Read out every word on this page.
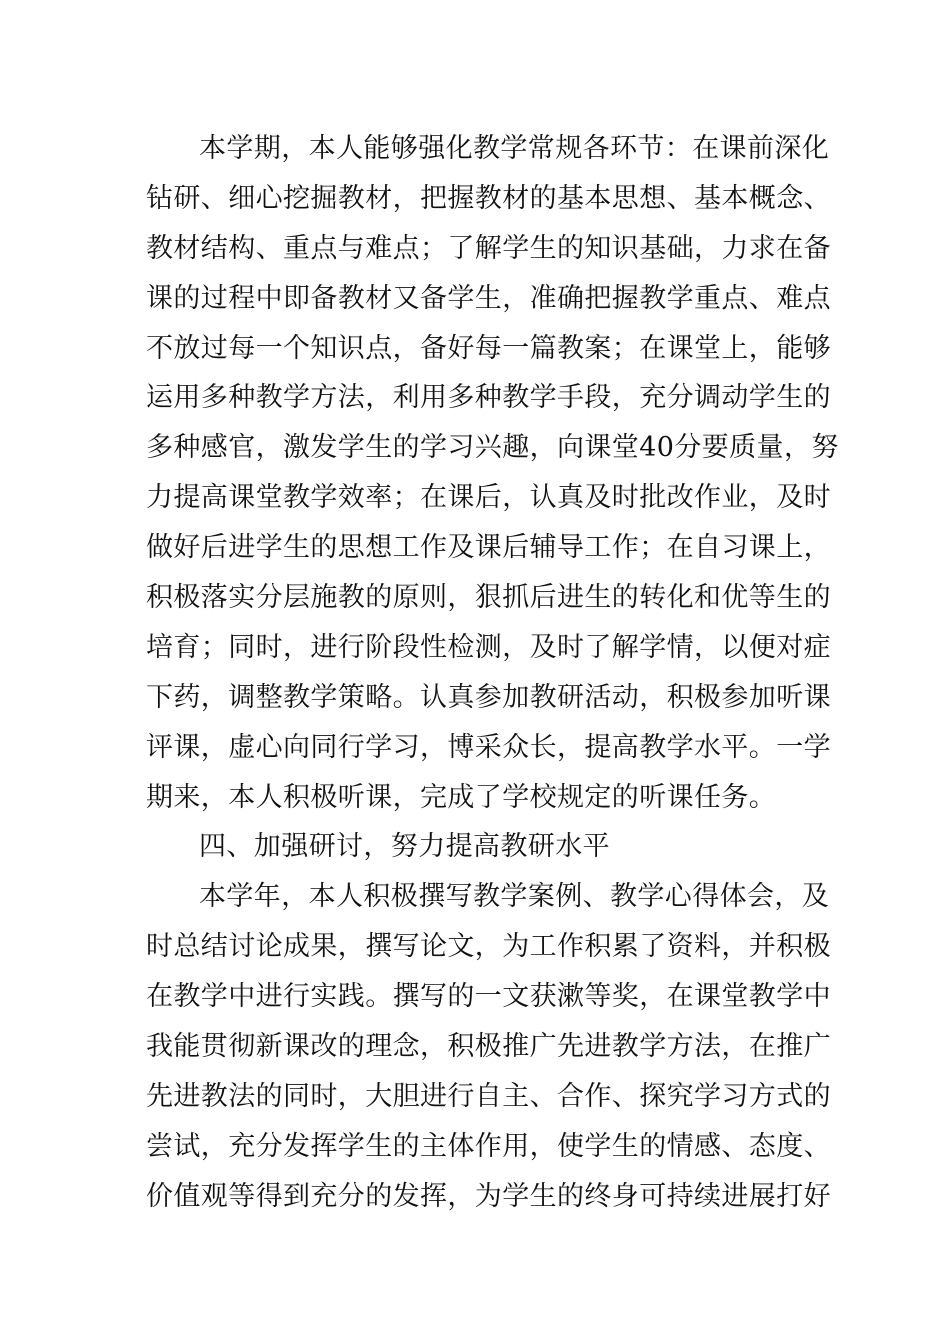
本学期，本人能够强化教学常规各环节：在课前深化
钻研、细心挖掘教材，把握教材的基本思想、基本概念、
教材结构、重点与难点；了解学生的知识基础，力求在备
课的过程中即备教材又备学生，准确把握教学重点、难点
不放过每一个知识点，备好每一篇教案；在课堂上，能够
运用多种教学方法，利用多种教学手段，充分调动学生的
多种感官，激发学生的学习兴趣，向课堂40分要质量，努
力提高课堂教学效率；在课后，认真及时批改作业，及时
做好后进学生的思想工作及课后辅导工作；在自习课上，
积极落实分层施教的原则，狠抓后进生的转化和优等生的
培育；同时，进行阶段性检测，及时了解学情，以便对症
下药，调整教学策略。认真参加教研活动，积极参加听课
评课，虚心向同行学习，博采众长，提高教学水平。一学
期来，本人积极听课，完成了学校规定的听课任务。
四、加强研讨，努力提高教研水平
本学年，本人积极撰写教学案例、教学心得体会，及
时总结讨论成果，撰写论文，为工作积累了资料，并积极
在教学中进行实践。撰写的一文获漱等奖，在课堂教学中
我能贯彻新课改的理念，积极推广先进教学方法，在推广
先进教法的同时，大胆进行自主、合作、探究学习方式的
尝试，充分发挥学生的主体作用，使学生的情感、态度、
价值观等得到充分的发挥，为学生的终身可持续进展打好
